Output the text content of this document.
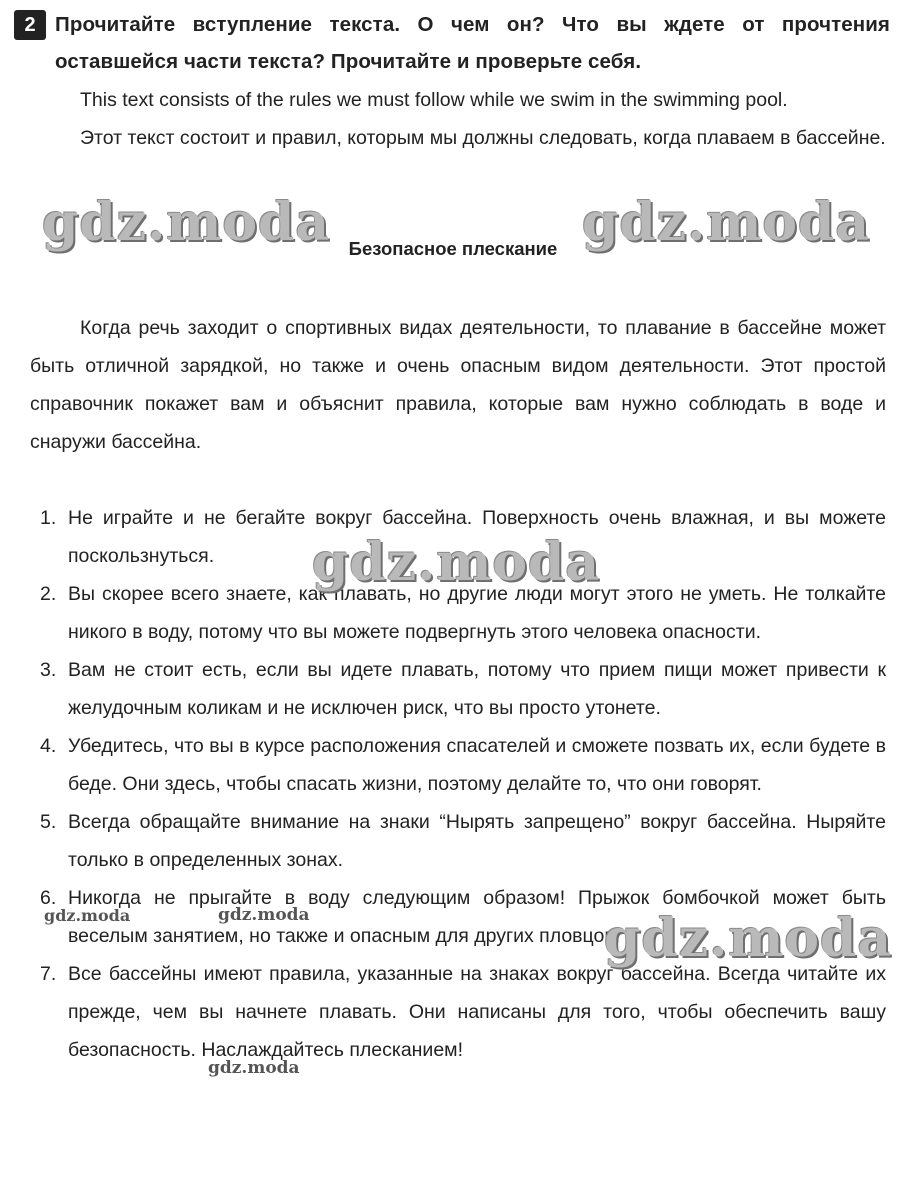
2 Прочитайте вступление текста. О чем он? Что вы ждете от прочтения оставшейся части текста? Прочитайте и проверьте себя.

This text consists of the rules we must follow while we swim in the swimming pool.

Этот текст состоит и правил, которым мы должны следовать, когда плаваем в бассейне.

Безопасное плескание

Когда речь заходит о спортивных видах деятельности, то плавание в бассейне может быть отличной зарядкой, но также и очень опасным видом деятельности. Этот простой справочник покажет вам и объяснит правила, которые вам нужно соблюдать в воде и снаружи бассейна.

1. Не играйте и не бегайте вокруг бассейна. Поверхность очень влажная, и вы можете поскользнуться.
2. Вы скорее всего знаете, как плавать, но другие люди могут этого не уметь. Не толкайте никого в воду, потому что вы можете подвергнуть этого человека опасности.
3. Вам не стоит есть, если вы идете плавать, потому что прием пищи может привести к желудочным коликам и не исключен риск, что вы просто утонете.
4. Убедитесь, что вы в курсе расположения спасателей и сможете позвать их, если будете в беде. Они здесь, чтобы спасать жизни, поэтому делайте то, что они говорят.
5. Всегда обращайте внимание на знаки “Нырять запрещено” вокруг бассейна. Ныряйте только в определенных зонах.
6. Никогда не прыгайте в воду следующим образом! Прыжок бомбочкой может быть веселым занятием, но также и опасным для других пловцов.
7. Все бассейны имеют правила, указанные на знаках вокруг бассейна. Всегда читайте их прежде, чем вы начнете плавать. Они написаны для того, чтобы обеспечить вашу безопасность. Наслаждайтесь плесканием!
gdz.moda	gdz.moda
gdz.moda
gdz.moda
gdz.moda	gdz.moda
gdz.moda
